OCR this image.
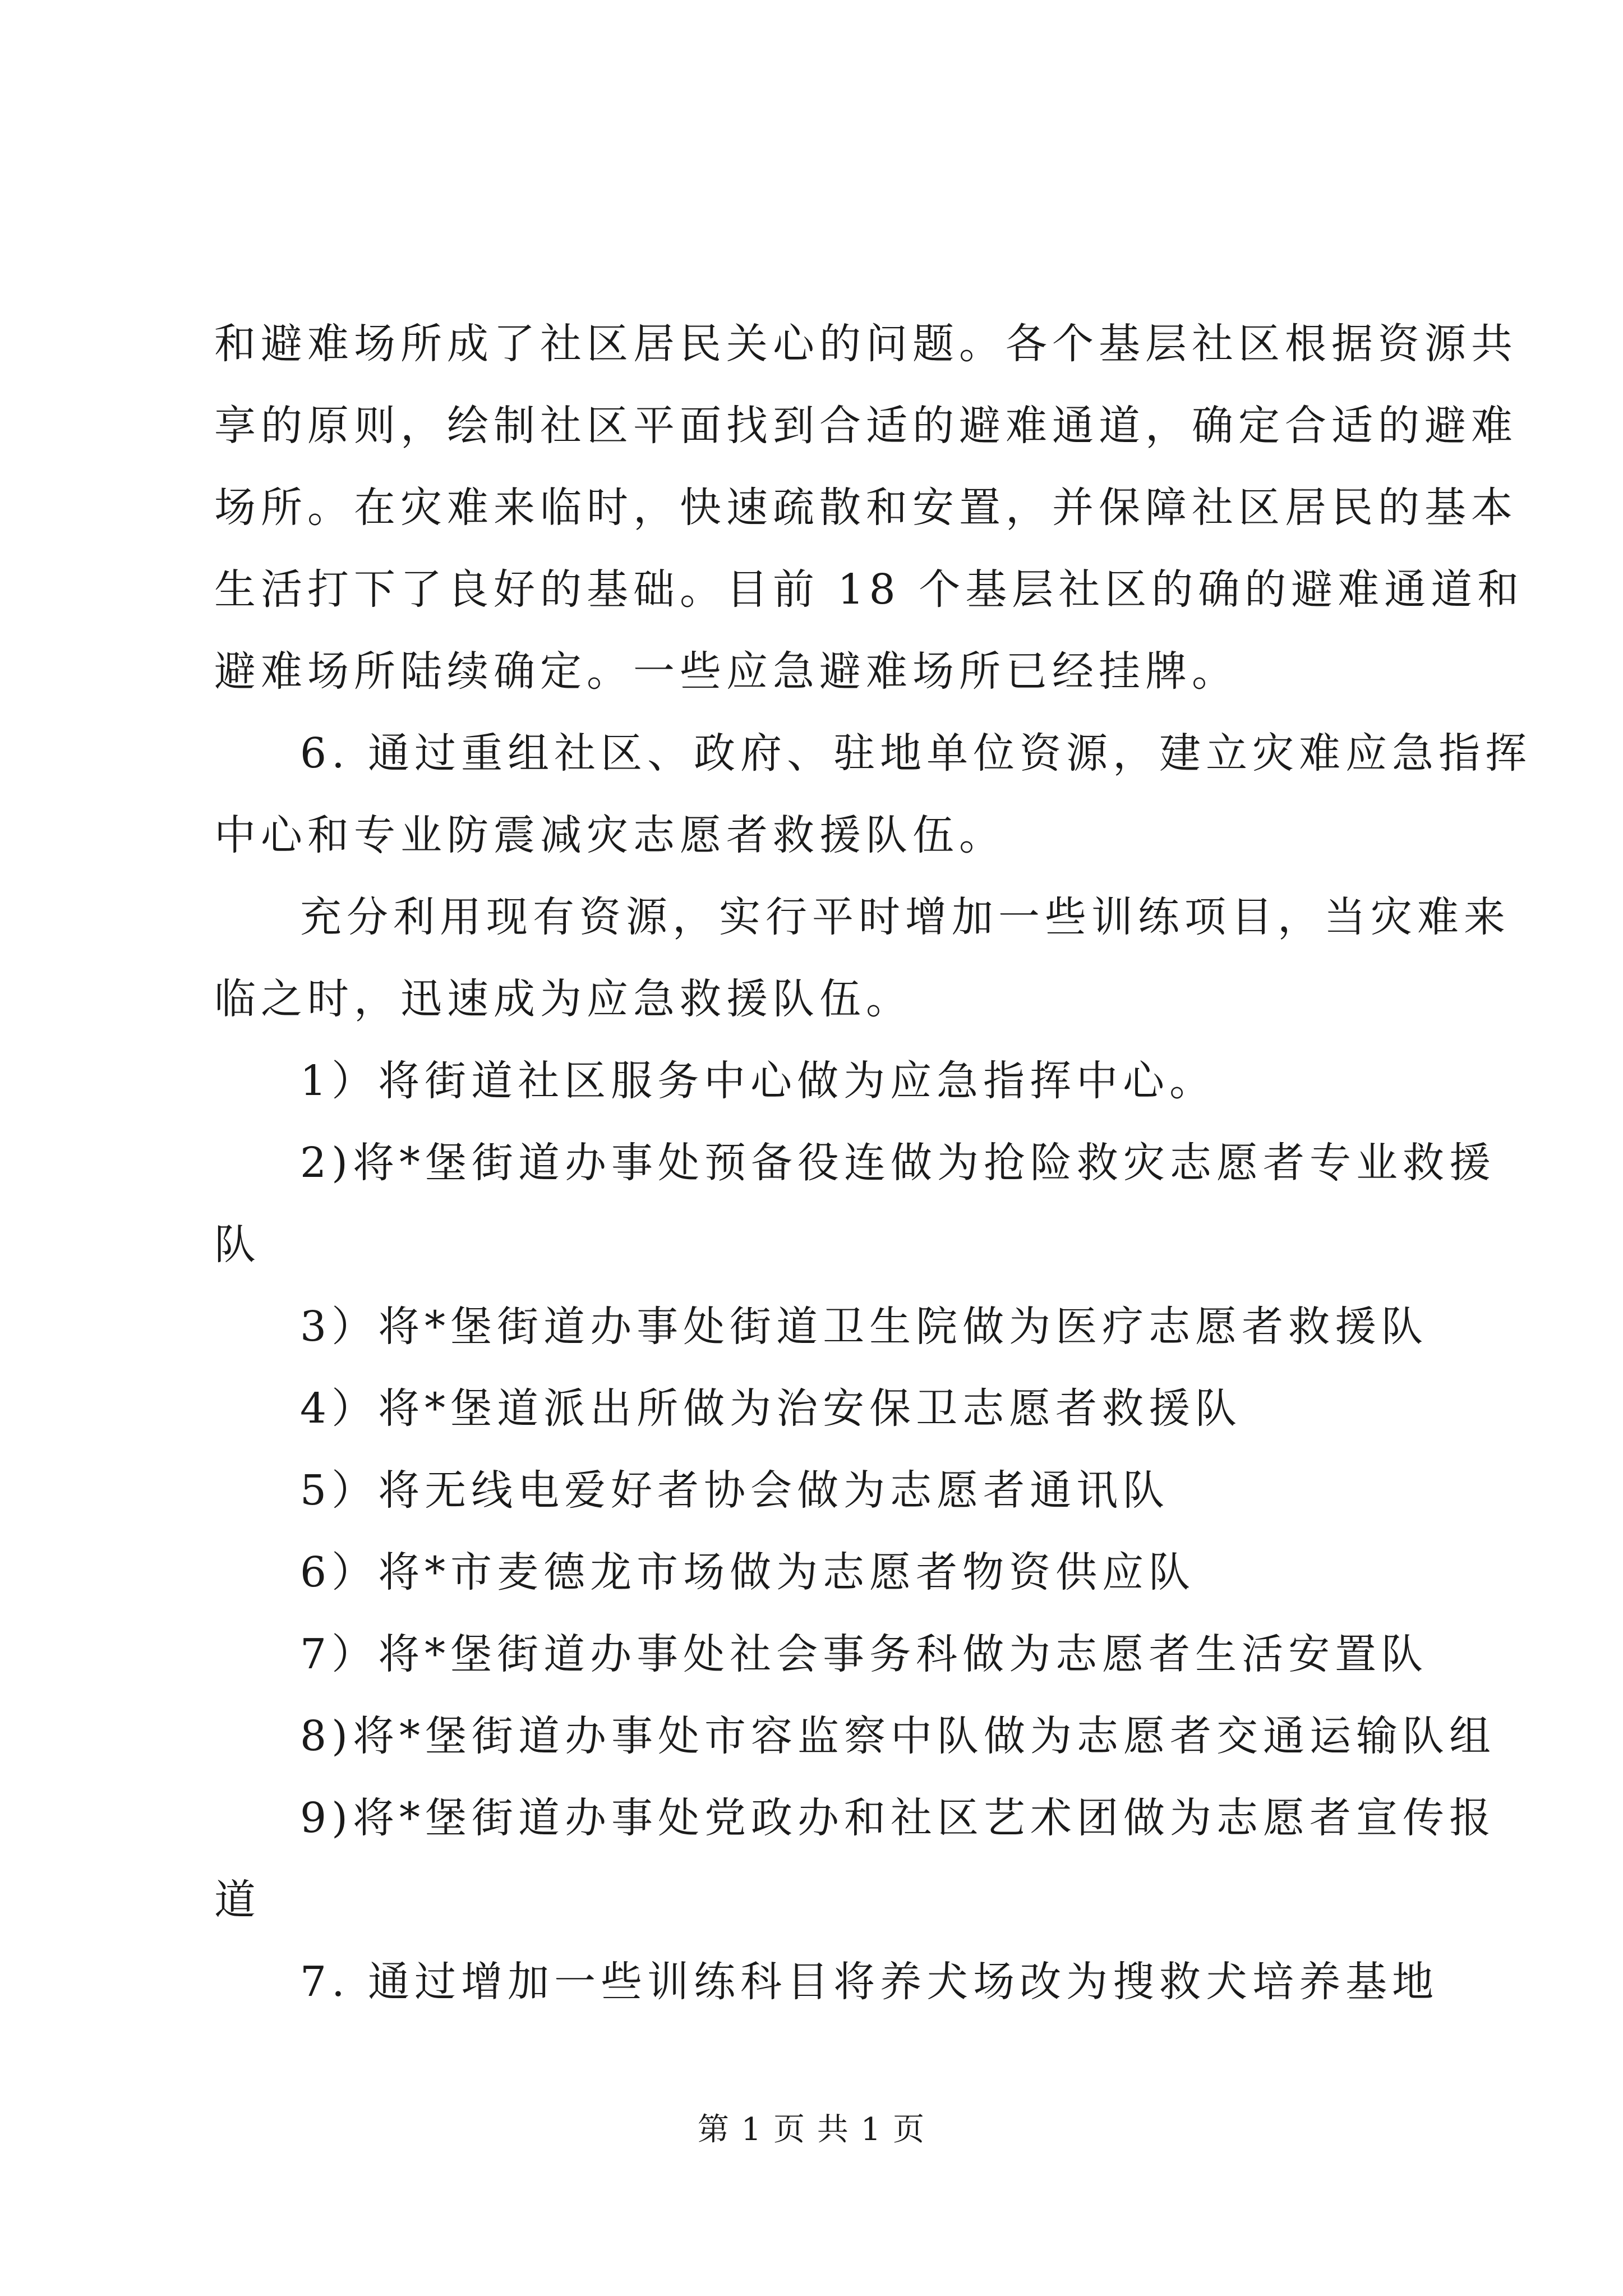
和避难场所成了社区居民关心的问题。各个基层社区根据资源共

享的原则，绘制社区平面找到合适的避难通道，确定合适的避难

场所。在灾难来临时，快速疏散和安置，并保障社区居民的基本

生活打下了良好的基础。目前 18 个基层社区的确的避难通道和

避难场所陆续确定。一些应急避难场所已经挂牌。

6. 通过重组社区、政府、驻地单位资源，建立灾难应急指挥

中心和专业防震减灾志愿者救援队伍。

充分利用现有资源，实行平时增加一些训练项目，当灾难来

临之时，迅速成为应急救援队伍。

1）将街道社区服务中心做为应急指挥中心。

2)将*堡街道办事处预备役连做为抢险救灾志愿者专业救援

队

3）将*堡街道办事处街道卫生院做为医疗志愿者救援队

4）将*堡道派出所做为治安保卫志愿者救援队

5）将无线电爱好者协会做为志愿者通讯队

6）将*市麦德龙市场做为志愿者物资供应队

7）将*堡街道办事处社会事务科做为志愿者生活安置队

8)将*堡街道办事处市容监察中队做为志愿者交通运输队组

9)将*堡街道办事处党政办和社区艺术团做为志愿者宣传报

道

7. 通过增加一些训练科目将养犬场改为搜救犬培养基地

第 1 页 共 1 页
